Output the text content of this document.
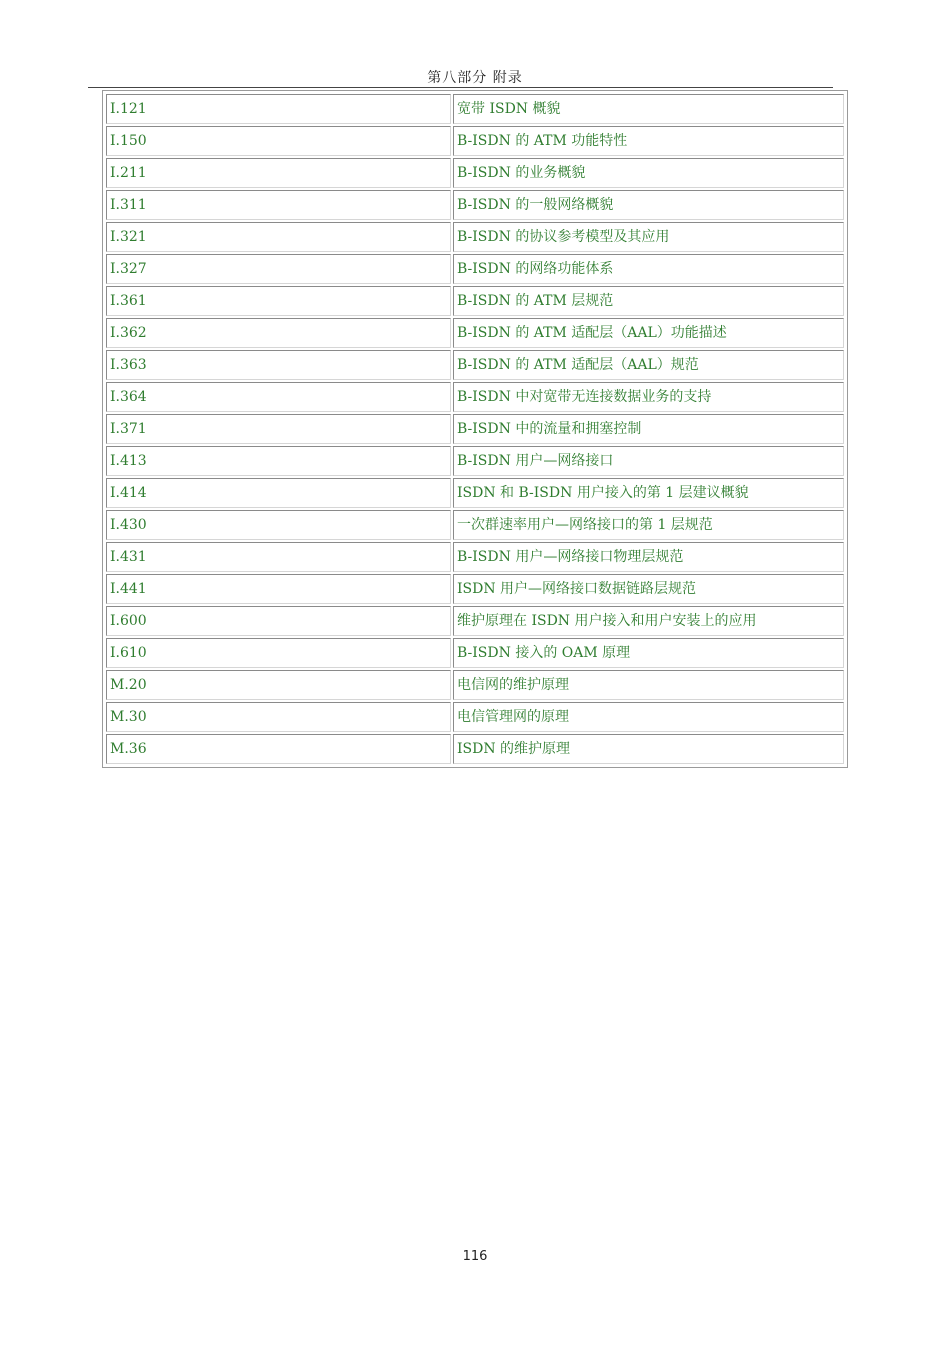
第八部分 附录
I.121	宽带 ISDN 概貌
I.150	B-ISDN 的 ATM 功能特性
I.211	B-ISDN 的业务概貌
I.311	B-ISDN 的一般网络概貌
I.321	B-ISDN 的协议参考模型及其应用
I.327	B-ISDN 的网络功能体系
I.361	B-ISDN 的 ATM 层规范
I.362	B-ISDN 的 ATM 适配层（AAL）功能描述
I.363	B-ISDN 的 ATM 适配层（AAL）规范
I.364	B-ISDN 中对宽带无连接数据业务的支持
I.371	B-ISDN 中的流量和拥塞控制
I.413	B-ISDN 用户—网络接口
I.414	ISDN 和 B-ISDN 用户接入的第 1 层建议概貌
I.430	一次群速率用户—网络接口的第 1 层规范
I.431	B-ISDN 用户—网络接口物理层规范
I.441	ISDN 用户—网络接口数据链路层规范
I.600	维护原理在 ISDN 用户接入和用户安装上的应用
I.610	B-ISDN 接入的 OAM 原理
M.20	电信网的维护原理
M.30	电信管理网的原理
M.36	ISDN 的维护原理
116
